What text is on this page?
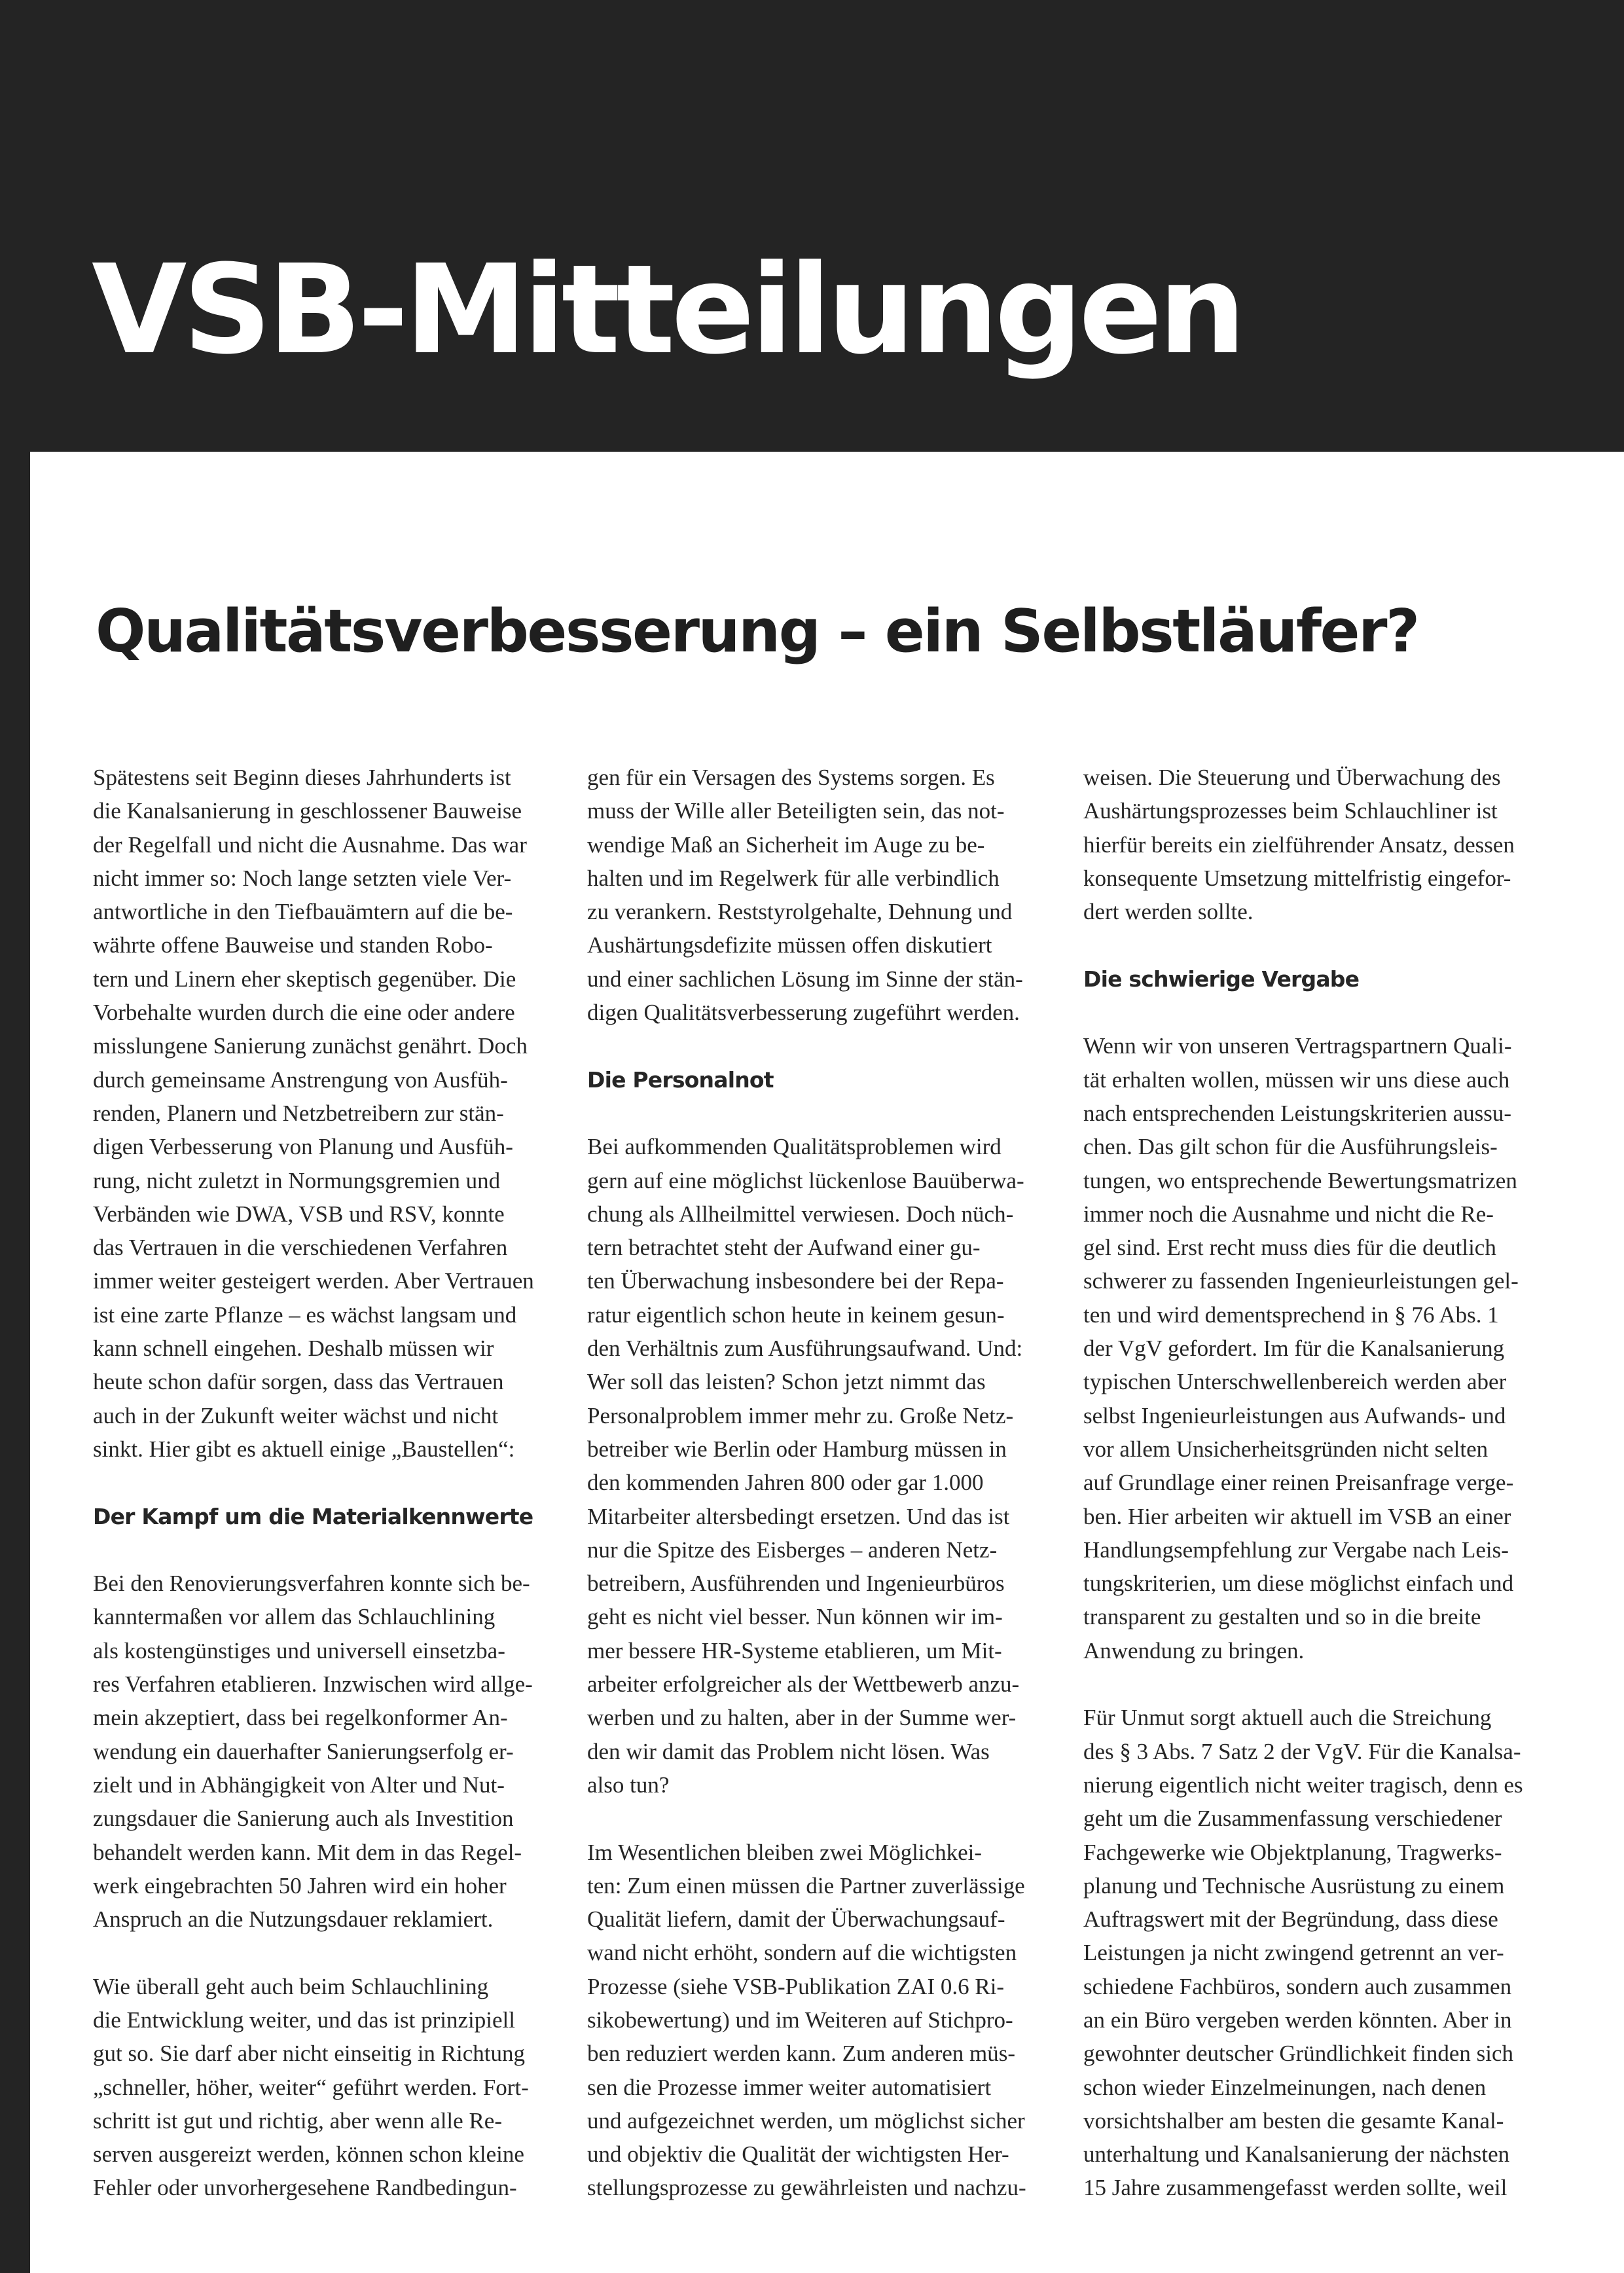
VSB-Mitteilungen
Qualitätsverbesserung – ein Selbstläufer?
Spätestens seit Beginn dieses Jahrhunderts ist
die Kanalsanierung in geschlossener Bauweise
der Regelfall und nicht die Ausnahme. Das war
nicht immer so: Noch lange setzten viele Ver-
antwortliche in den Tiefbauämtern auf die be-
währte offene Bauweise und standen Robo-
tern und Linern eher skeptisch gegenüber. Die
Vorbehalte wurden durch die eine oder andere
misslungene Sanierung zunächst genährt. Doch
durch gemeinsame Anstrengung von Ausfüh-
renden, Planern und Netzbetreibern zur stän-
digen Verbesserung von Planung und Ausfüh-
rung, nicht zuletzt in Normungsgremien und
Verbänden wie DWA, VSB und RSV, konnte
das Vertrauen in die verschiedenen Verfahren
immer weiter gesteigert werden. Aber Vertrauen
ist eine zarte Pflanze – es wächst langsam und
kann schnell eingehen. Deshalb müssen wir
heute schon dafür sorgen, dass das Vertrauen
auch in der Zukunft weiter wächst und nicht
sinkt. Hier gibt es aktuell einige „Baustellen“:
Der Kampf um die Materialkennwerte
Bei den Renovierungsverfahren konnte sich be-
kanntermaßen vor allem das Schlauchlining
als kostengünstiges und universell einsetzba-
res Verfahren etablieren. Inzwischen wird allge-
mein akzeptiert, dass bei regelkonformer An-
wendung ein dauerhafter Sanierungserfolg er-
zielt und in Abhängigkeit von Alter und Nut-
zungsdauer die Sanierung auch als Investition
behandelt werden kann. Mit dem in das Regel-
werk eingebrachten 50 Jahren wird ein hoher
Anspruch an die Nutzungsdauer reklamiert.
Wie überall geht auch beim Schlauchlining
die Entwicklung weiter, und das ist prinzipiell
gut so. Sie darf aber nicht einseitig in Richtung
„schneller, höher, weiter“ geführt werden. Fort-
schritt ist gut und richtig, aber wenn alle Re-
serven ausgereizt werden, können schon kleine
Fehler oder unvorhergesehene Randbedingun-
gen für ein Versagen des Systems sorgen. Es
muss der Wille aller Beteiligten sein, das not-
wendige Maß an Sicherheit im Auge zu be-
halten und im Regelwerk für alle verbindlich
zu verankern. Reststyrolgehalte, Dehnung und
Aushärtungsdefizite müssen offen diskutiert
und einer sachlichen Lösung im Sinne der stän-
digen Qualitätsverbesserung zugeführt werden.
Die Personalnot
Bei aufkommenden Qualitätsproblemen wird
gern auf eine möglichst lückenlose Bauüberwa-
chung als Allheilmittel verwiesen. Doch nüch-
tern betrachtet steht der Aufwand einer gu-
ten Überwachung insbesondere bei der Repa-
ratur eigentlich schon heute in keinem gesun-
den Verhältnis zum Ausführungsaufwand. Und:
Wer soll das leisten? Schon jetzt nimmt das
Personalproblem immer mehr zu. Große Netz-
betreiber wie Berlin oder Hamburg müssen in
den kommenden Jahren 800 oder gar 1.000
Mitarbeiter altersbedingt ersetzen. Und das ist
nur die Spitze des Eisberges – anderen Netz-
betreibern, Ausführenden und Ingenieurbüros
geht es nicht viel besser. Nun können wir im-
mer bessere HR-Systeme etablieren, um Mit-
arbeiter erfolgreicher als der Wettbewerb anzu-
werben und zu halten, aber in der Summe wer-
den wir damit das Problem nicht lösen. Was
also tun?
Im Wesentlichen bleiben zwei Möglichkei-
ten: Zum einen müssen die Partner zuverlässige
Qualität liefern, damit der Überwachungsauf-
wand nicht erhöht, sondern auf die wichtigsten
Prozesse (siehe VSB-Publikation ZAI 0.6 Ri-
sikobewertung) und im Weiteren auf Stichpro-
ben reduziert werden kann. Zum anderen müs-
sen die Prozesse immer weiter automatisiert
und aufgezeichnet werden, um möglichst sicher
und objektiv die Qualität der wichtigsten Her-
stellungsprozesse zu gewährleisten und nachzu-
weisen. Die Steuerung und Überwachung des
Aushärtungsprozesses beim Schlauchliner ist
hierfür bereits ein zielführender Ansatz, dessen
konsequente Umsetzung mittelfristig eingefor-
dert werden sollte.
Die schwierige Vergabe
Wenn wir von unseren Vertragspartnern Quali-
tät erhalten wollen, müssen wir uns diese auch
nach entsprechenden Leistungskriterien aussu-
chen. Das gilt schon für die Ausführungsleis-
tungen, wo entsprechende Bewertungsmatrizen
immer noch die Ausnahme und nicht die Re-
gel sind. Erst recht muss dies für die deutlich
schwerer zu fassenden Ingenieurleistungen gel-
ten und wird dementsprechend in § 76 Abs. 1
der VgV gefordert. Im für die Kanalsanierung
typischen Unterschwellenbereich werden aber
selbst Ingenieurleistungen aus Aufwands- und
vor allem Unsicherheitsgründen nicht selten
auf Grundlage einer reinen Preisanfrage verge-
ben. Hier arbeiten wir aktuell im VSB an einer
Handlungsempfehlung zur Vergabe nach Leis-
tungskriterien, um diese möglichst einfach und
transparent zu gestalten und so in die breite
Anwendung zu bringen.
Für Unmut sorgt aktuell auch die Streichung
des § 3 Abs. 7 Satz 2 der VgV. Für die Kanalsa-
nierung eigentlich nicht weiter tragisch, denn es
geht um die Zusammenfassung verschiedener
Fachgewerke wie Objektplanung, Tragwerks-
planung und Technische Ausrüstung zu einem
Auftragswert mit der Begründung, dass diese
Leistungen ja nicht zwingend getrennt an ver-
schiedene Fachbüros, sondern auch zusammen
an ein Büro vergeben werden könnten. Aber in
gewohnter deutscher Gründlichkeit finden sich
schon wieder Einzelmeinungen, nach denen
vorsichtshalber am besten die gesamte Kanal-
unterhaltung und Kanalsanierung der nächsten
15 Jahre zusammengefasst werden sollte, weil
